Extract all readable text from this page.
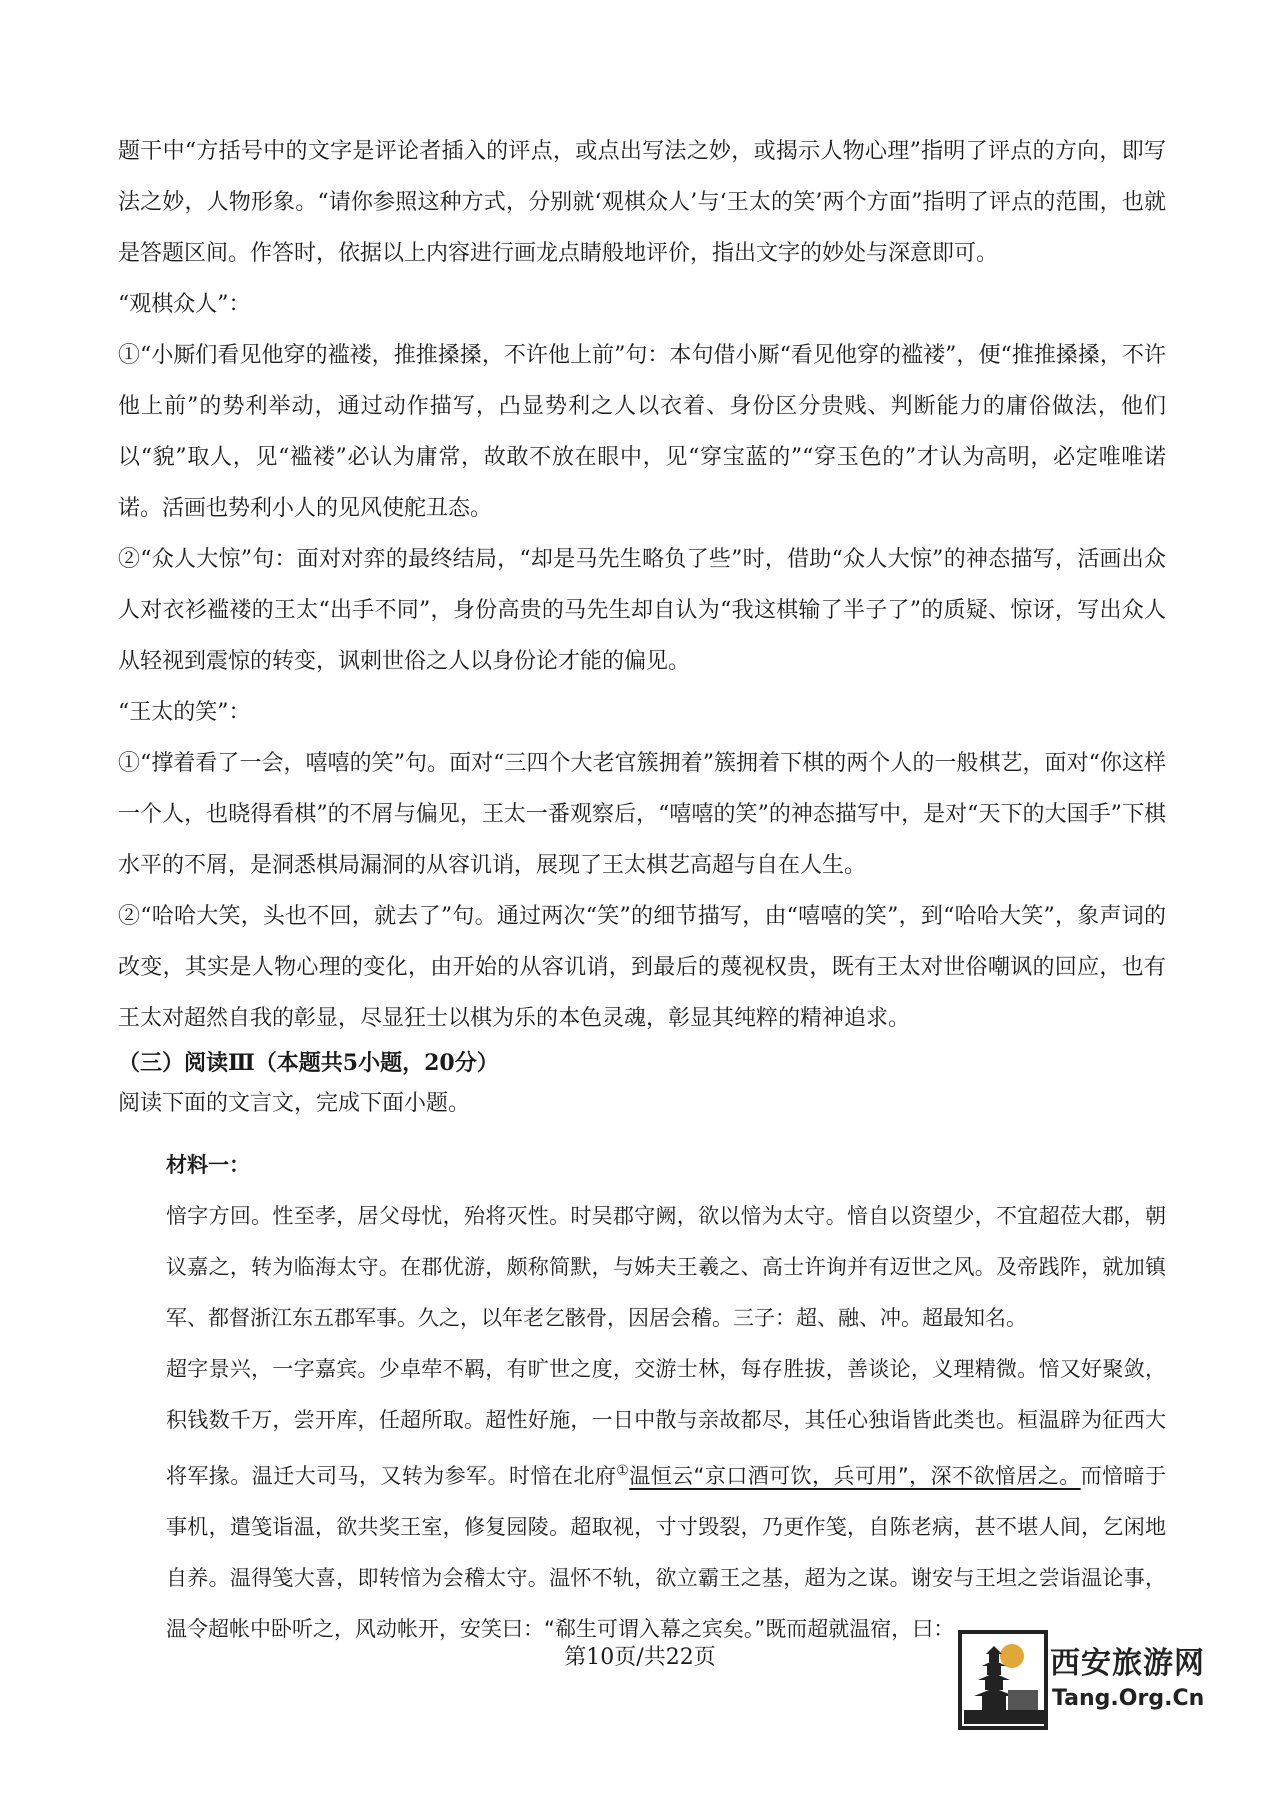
题干中“方括号中的文字是评论者插入的评点，或点出写法之妙，或揭示人物心理”指明了评点的方向，即写法之妙，人物形象。“请你参照这种方式，分别就‘观棋众人’与‘王太的笑’两个方面”指明了评点的范围，也就是答题区间。作答时，依据以上内容进行画龙点睛般地评价，指出文字的妙处与深意即可。

“观棋众人”：

①“小厮们看见他穿的褴褛，推推搡搡，不许他上前”句：本句借小厮“看见他穿的褴褛”，便“推推搡搡，不许他上前”的势利举动，通过动作描写，凸显势利之人以衣着、身份区分贵贱、判断能力的庸俗做法，他们以“貌”取人，见“褴褛”必认为庸常，故敢不放在眼中，见“穿宝蓝的”“穿玉色的”才认为高明，必定唯唯诺诺。活画也势利小人的见风使舵丑态。

②“众人大惊”句：面对对弈的最终结局，“却是马先生略负了些”时，借助“众人大惊”的神态描写，活画出众人对衣衫褴褛的王太“出手不同”，身份高贵的马先生却自认为“我这棋输了半子了”的质疑、惊讶，写出众人从轻视到震惊的转变，讽刺世俗之人以身份论才能的偏见。

“王太的笑”：

①“撑着看了一会，嘻嘻的笑”句。面对“三四个大老官簇拥着”簇拥着下棋的两个人的一般棋艺，面对“你这样一个人，也晓得看棋”的不屑与偏见，王太一番观察后，“嘻嘻的笑”的神态描写中，是对“天下的大国手”下棋水平的不屑，是洞悉棋局漏洞的从容讥诮，展现了王太棋艺高超与自在人生。

②“哈哈大笑，头也不回，就去了”句。通过两次“笑”的细节描写，由“嘻嘻的笑”，到“哈哈大笑”，象声词的改变，其实是人物心理的变化，由开始的从容讥诮，到最后的蔑视权贵，既有王太对世俗嘲讽的回应，也有王太对超然自我的彰显，尽显狂士以棋为乐的本色灵魂，彰显其纯粹的精神追求。

（三）阅读Ⅲ（本题共5小题，20分）

阅读下面的文言文，完成下面小题。

材料一：

愔字方回。性至孝，居父母忧，殆将灭性。时吴郡守阙，欲以愔为太守。愔自以资望少，不宜超莅大郡，朝议嘉之，转为临海太守。在郡优游，颇称简默，与姊夫王羲之、高士许询并有迈世之风。及帝践阼，就加镇军、都督浙江东五郡军事。久之，以年老乞骸骨，因居会稽。三子：超、融、冲。超最知名。

超字景兴，一字嘉宾。少卓荦不羁，有旷世之度，交游士林，每存胜拔，善谈论，义理精微。愔又好聚敛，积钱数千万，尝开库，任超所取。超性好施，一日中散与亲故都尽，其任心独诣皆此类也。桓温辟为征西大将军掾。温迁大司马，又转为参军。时愔在北府①温恒云“京口酒可饮，兵可用”，深不欲愔居之。而愔暗于事机，遣笺诣温，欲共奖王室，修复园陵。超取视，寸寸毁裂，乃更作笺，自陈老病，甚不堪人间，乞闲地自养。温得笺大喜，即转愔为会稽太守。温怀不轨，欲立霸王之基，超为之谋。谢安与王坦之尝诣温论事，温令超帐中卧听之，风动帐开，安笑曰：“郗生可谓入幕之宾矣。”既而超就温宿，曰：

第10页/共22页	西安旅游网
Tang.Org.Cn
